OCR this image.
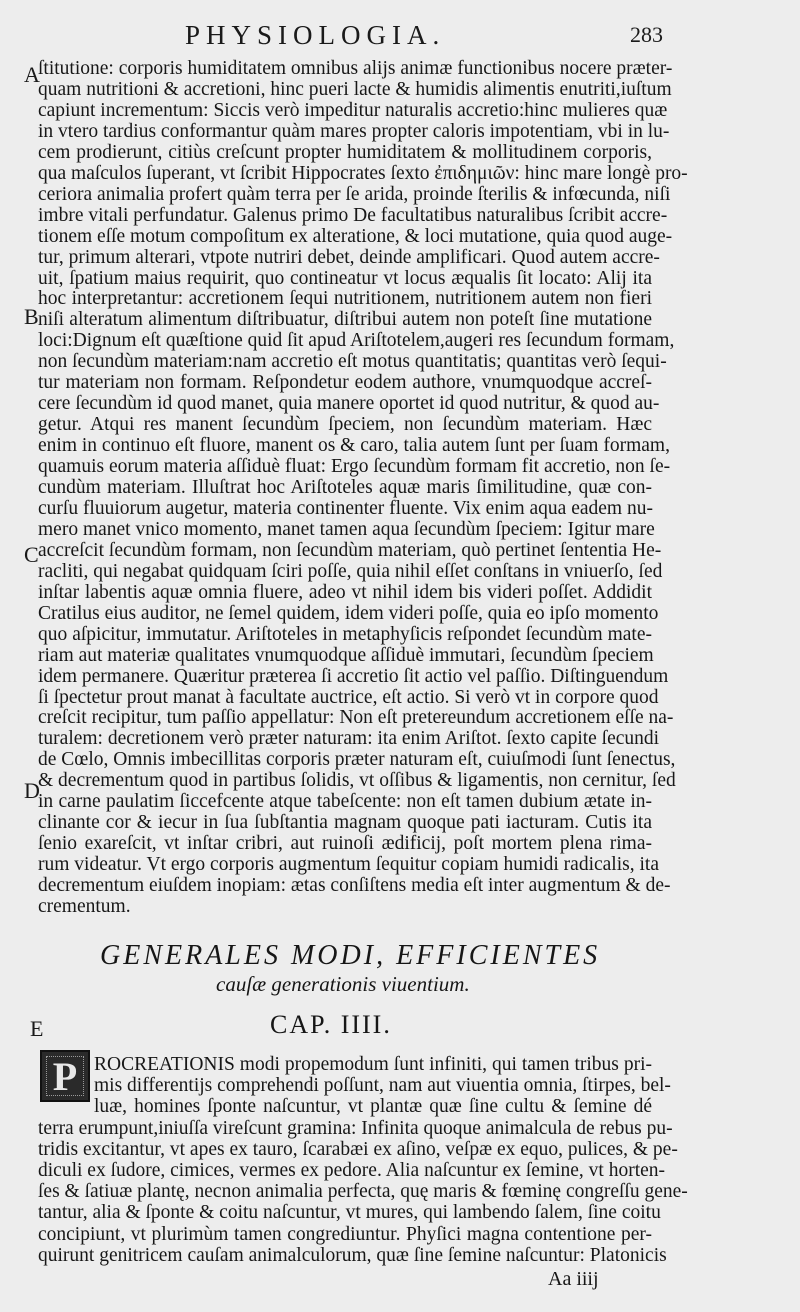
PHYSIOLOGIA.	283
A
B
C
D
E
ſtitutione: corporis humiditatem omnibus alijs animæ functionibus nocere præter-
quam nutritioni & accretioni, hinc pueri lacte & humidis alimentis enutriti,iuſtum
capiunt incrementum: Siccis verò impeditur naturalis accretio:hinc mulieres quæ
in vtero tardius conformantur quàm mares propter caloris impotentiam, vbi in lu-
cem prodierunt, citiùs creſcunt propter humiditatem & mollitudinem corporis,
qua maſculos ſuperant, vt ſcribit Hippocrates ſexto ἐπιδημιῶν: hinc mare longè pro-
ceriora animalia profert quàm terra per ſe arida, proinde ſterilis & infœcunda, niſi
imbre vitali perfundatur. Galenus primo De facultatibus naturalibus ſcribit accre-
tionem eſſe motum compoſitum ex alteratione, & loci mutatione, quia quod auge-
tur, primum alterari, vtpote nutriri debet, deinde amplificari. Quod autem accre-
uit, ſpatium maius requirit, quo contineatur vt locus æqualis ſit locato: Alij ita
hoc interpretantur: accretionem ſequi nutritionem, nutritionem autem non fieri
niſi alteratum alimentum diſtribuatur, diſtribui autem non poteſt ſine mutatione
loci:Dignum eſt quæſtione quid ſit apud Ariſtotelem,augeri res ſecundum formam,
non ſecundùm materiam:nam accretio eſt motus quantitatis; quantitas verò ſequi-
tur materiam non formam. Reſpondetur eodem authore, vnumquodque accreſ-
cere ſecundùm id quod manet, quia manere oportet id quod nutritur, & quod au-
getur. Atqui res manent ſecundùm ſpeciem, non ſecundùm materiam. Hæc
enim in continuo eſt fluore, manent os & caro, talia autem ſunt per ſuam formam,
quamuis eorum materia aſſiduè fluat: Ergo ſecundùm formam fit accretio, non ſe-
cundùm materiam. Illuſtrat hoc Ariſtoteles aquæ maris ſimilitudine, quæ con-
curſu fluuiorum augetur, materia continenter fluente. Vix enim aqua eadem nu-
mero manet vnico momento, manet tamen aqua ſecundùm ſpeciem: Igitur mare
accreſcit ſecundùm formam, non ſecundùm materiam, quò pertinet ſententia He-
racliti, qui negabat quidquam ſciri poſſe, quia nihil eſſet conſtans in vniuerſo, ſed
inſtar labentis aquæ omnia fluere, adeo vt nihil idem bis videri poſſet. Addidit
Cratilus eius auditor, ne ſemel quidem, idem videri poſſe, quia eo ipſo momento
quo aſpicitur, immutatur. Ariſtoteles in metaphyſicis reſpondet ſecundùm mate-
riam aut materiæ qualitates vnumquodque aſſiduè immutari, ſecundùm ſpeciem
idem permanere. Quæritur præterea ſi accretio ſit actio vel paſſio. Diſtinguendum
ſi ſpectetur prout manat à facultate auctrice, eſt actio. Si verò vt in corpore quod
creſcit recipitur, tum paſſio appellatur: Non eſt pretereundum accretionem eſſe na-
turalem: decretionem verò præter naturam: ita enim Ariſtot. ſexto capite ſecundi
de Cœlo, Omnis imbecillitas corporis præter naturam eſt, cuiuſmodi ſunt ſenectus,
& decrementum quod in partibus ſolidis, vt oſſibus & ligamentis, non cernitur, ſed
in carne paulatim ſiccefcente atque tabeſcente: non eſt tamen dubium ætate in-
clinante cor & iecur in ſua ſubſtantia magnam quoque pati iacturam. Cutis ita
ſenio exareſcit, vt inſtar cribri, aut ruinoſi ædificij, poſt mortem plena rima-
rum videatur. Vt ergo corporis augmentum ſequitur copiam humidi radicalis, ita
decrementum eiuſdem inopiam: ætas conſiſtens media eſt inter augmentum & de-
crementum.
GENERALES MODI, EFFICIENTES
cauſæ generationis viuentium.
CAP. IIII.
P ROCREATIONIS modi propemodum ſunt infiniti, qui tamen tribus pri-
mis differentijs comprehendi poſſunt, nam aut viuentia omnia, ſtirpes, bel-
luæ, homines ſponte naſcuntur, vt plantæ quæ ſine cultu & ſemine dé
terra erumpunt,iniuſſa vireſcunt gramina: Infinita quoque animalcula de rebus pu-
tridis excitantur, vt apes ex tauro, ſcarabæi ex aſino, veſpæ ex equo, pulices, & pe-
diculi ex ſudore, cimices, vermes ex pedore. Alia naſcuntur ex ſemine, vt horten-
ſes & ſatiuæ plantę, necnon animalia perfecta, quę maris & fœminę congreſſu gene-
tantur, alia & ſponte & coitu naſcuntur, vt mures, qui lambendo ſalem, ſine coitu
concipiunt, vt plurimùm tamen congrediuntur. Phyſici magna contentione per-
quirunt genitricem cauſam animalculorum, quæ ſine ſemine naſcuntur: Platonicis
Aa iiij
